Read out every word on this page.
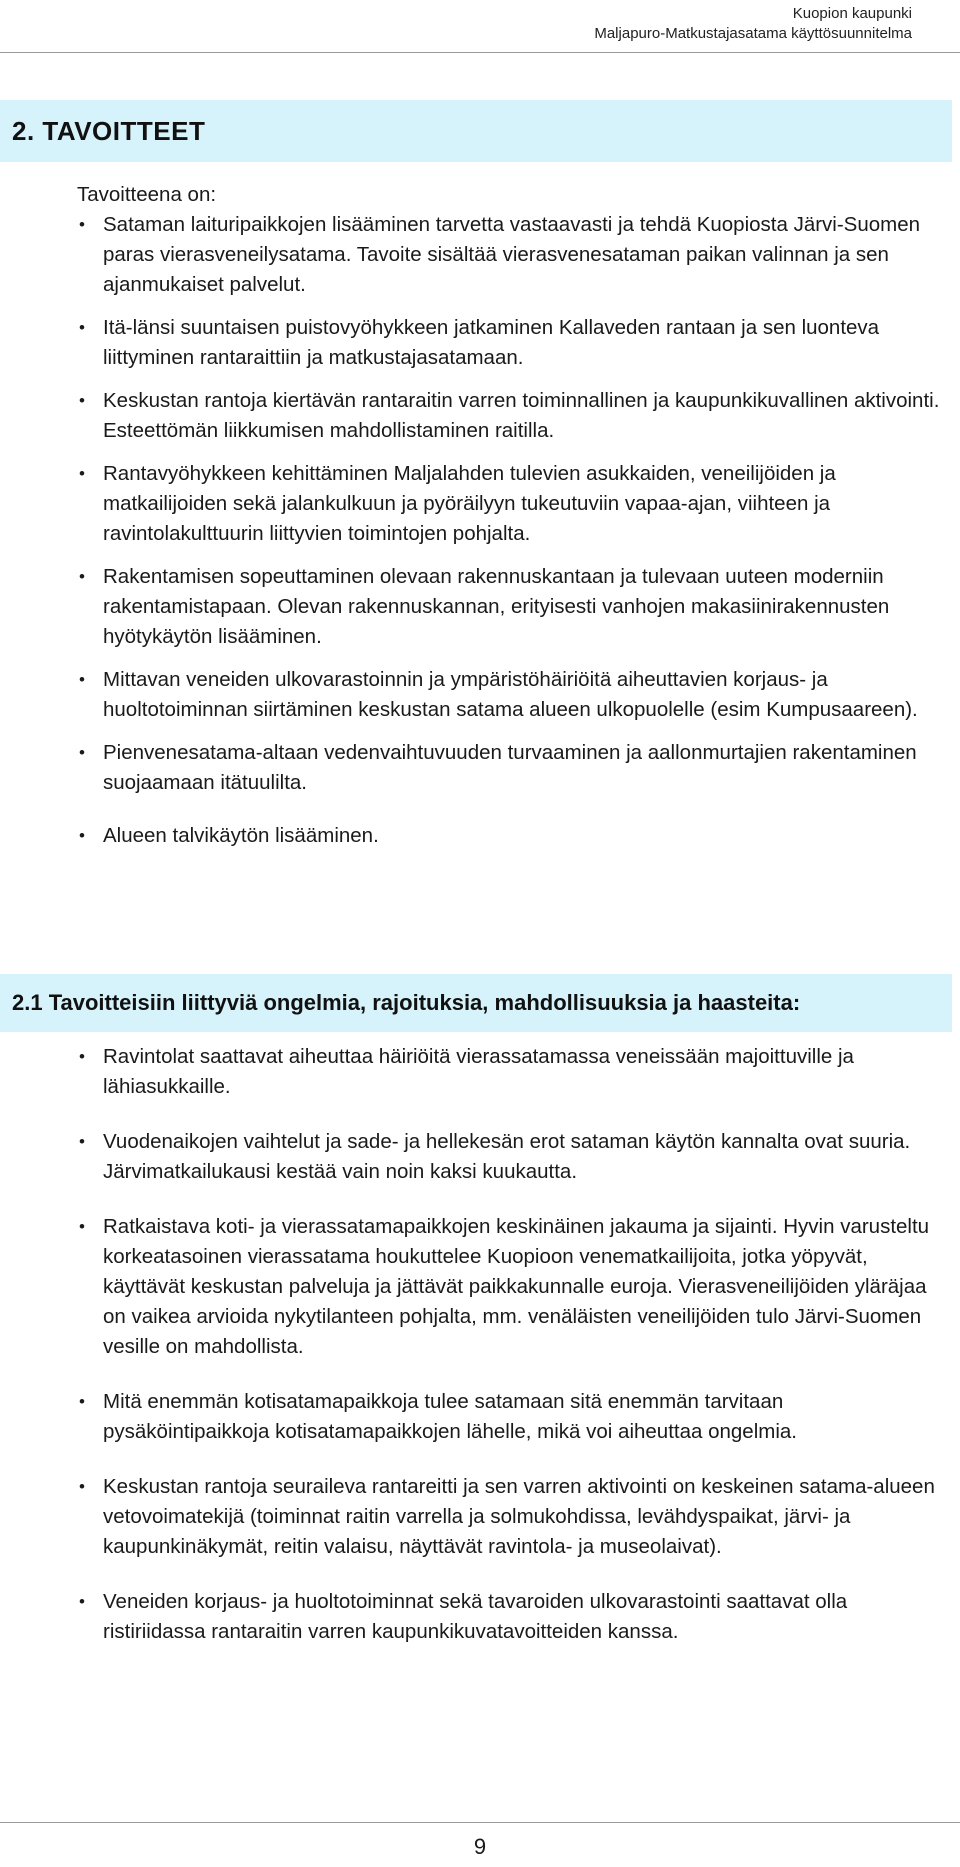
Kuopion kaupunki
Maljapuro-Matkustajasatama käyttösuunnitelma
2. TAVOITTEET

Tavoitteena on:

• Sataman laituripaikkojen lisääminen tarvetta vastaavasti ja tehdä Kuopiosta Järvi-Suomen paras vierasveneilysatama. Tavoite sisältää vierasvenesataman paikan valinnan ja sen ajanmukaiset palvelut.
• Itä-länsi suuntaisen puistovyöhykkeen jatkaminen Kallaveden rantaan ja sen luonteva liittyminen rantaraittiin ja matkustajasatamaan.
• Keskustan rantoja kiertävän rantaraitin varren toiminnallinen ja kaupunkikuvallinen aktivointi. Esteettömän liikkumisen mahdollistaminen raitilla.
• Rantavyöhykkeen kehittäminen Maljalahden tulevien asukkaiden, veneilijöiden ja matkailijoiden sekä jalankulkuun ja pyöräilyyn tukeutuviin vapaa-ajan, viihteen ja ravintolakulttuurin liittyvien toimintojen pohjalta.
• Rakentamisen sopeuttaminen olevaan rakennuskantaan ja tulevaan uuteen moderniin rakentamistapaan. Olevan rakennuskannan, erityisesti vanhojen makasiinirakennusten hyötykäytön lisääminen.
• Mittavan veneiden ulkovarastoinnin ja ympäristöhäiriöitä aiheuttavien korjaus- ja huoltotoiminnan siirtäminen keskustan satama alueen ulkopuolelle (esim Kumpusaareen).
• Pienvenesatama-altaan vedenvaihtuvuuden turvaaminen ja aallonmurtajien rakentaminen suojaamaan itätuulilta.
• Alueen talvikäytön lisääminen.
2.1 Tavoitteisiin liittyviä ongelmia, rajoituksia, mahdollisuuksia ja haasteita:
• Ravintolat saattavat aiheuttaa häiriöitä vierassatamassa veneissään majoittuville ja lähiasukkaille.
• Vuodenaikojen vaihtelut ja sade- ja hellekesän erot sataman käytön kannalta ovat suuria. Järvimatkailukausi kestää vain noin kaksi kuukautta.
• Ratkaistava koti- ja vierassatamapaikkojen keskinäinen jakauma ja sijainti. Hyvin varusteltu korkeatasoinen vierassatama houkuttelee Kuopioon venematkailijoita, jotka yöpyvät, käyttävät keskustan palveluja ja jättävät paikkakunnalle euroja. Vierasveneilijöiden yläräjaa on vaikea arvioida nykytilanteen pohjalta, mm. venäläisten veneilijöiden tulo Järvi-Suomen vesille on mahdollista.
• Mitä enemmän kotisatamapaikkoja tulee satamaan sitä enemmän tarvitaan pysäköintipaikkoja kotisatamapaikkojen lähelle, mikä voi aiheuttaa ongelmia.
• Keskustan rantoja seuraileva rantareitti ja sen varren aktivointi on keskeinen satama-alueen vetovoimatekijä (toiminnat raitin varrella ja solmukohdissa, levähdyspaikat, järvi- ja kaupunkinäkymät, reitin valaisu, näyttävät ravintola- ja museolaivat).
• Veneiden korjaus- ja huoltotoiminnat sekä tavaroiden ulkovarastointi saattavat olla ristiriidassa rantaraitin varren kaupunkikuvatavoitteiden kanssa.
9
